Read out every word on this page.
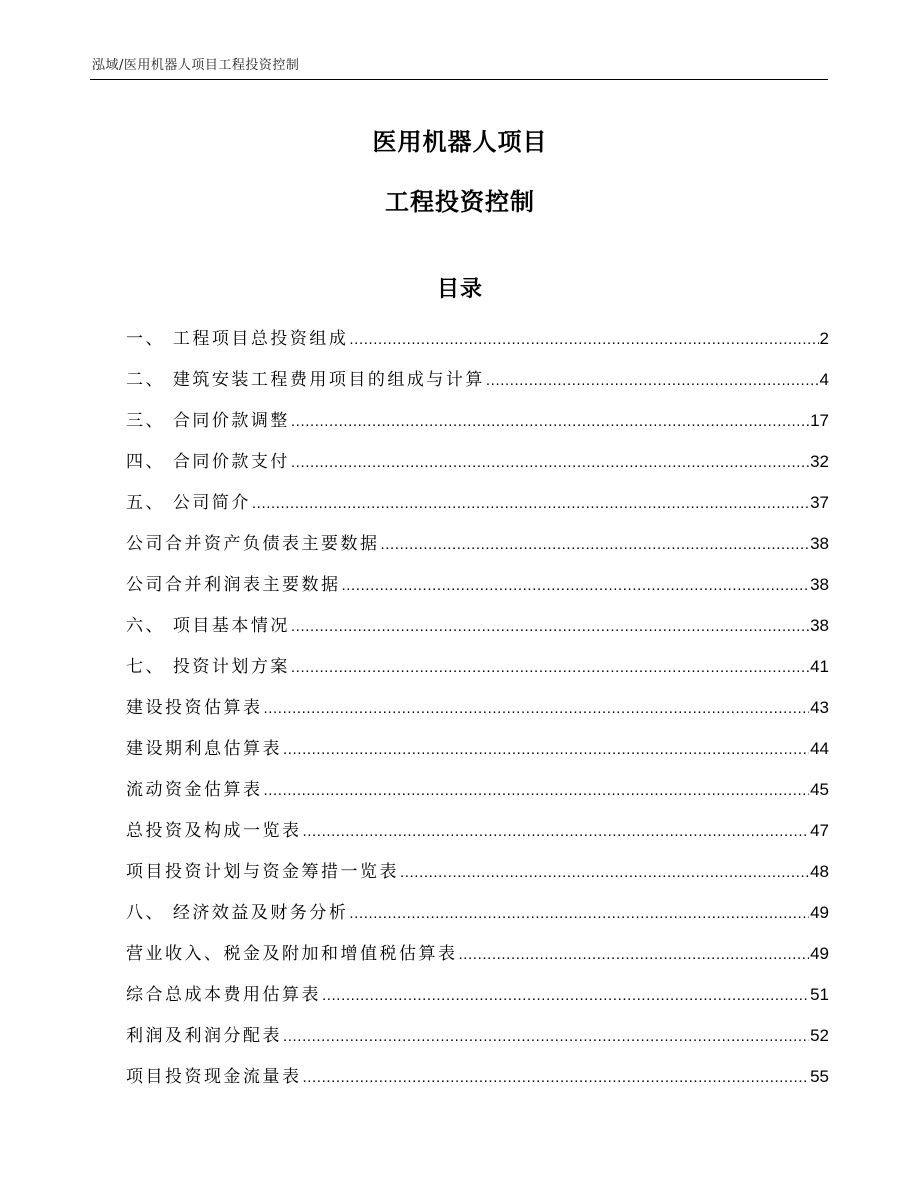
泓域/医用机器人项目工程投资控制
医用机器人项目
工程投资控制
目录
一、 工程项目总投资组成 .....	2
二、 建筑安装工程费用项目的组成与计算 .....	4
三、 合同价款调整 .....	17
四、 合同价款支付 .....	32
五、 公司简介 .....	37
公司合并资产负债表主要数据 .....	38
公司合并利润表主要数据 .....	38
六、 项目基本情况 .....	38
七、 投资计划方案 .....	41
建设投资估算表 .....	43
建设期利息估算表 .....	44
流动资金估算表 .....	45
总投资及构成一览表 .....	47
项目投资计划与资金筹措一览表 .....	48
八、 经济效益及财务分析 .....	49
营业收入、税金及附加和增值税估算表 .....	49
综合总成本费用估算表 .....	51
利润及利润分配表 .....	52
项目投资现金流量表 .....	55
